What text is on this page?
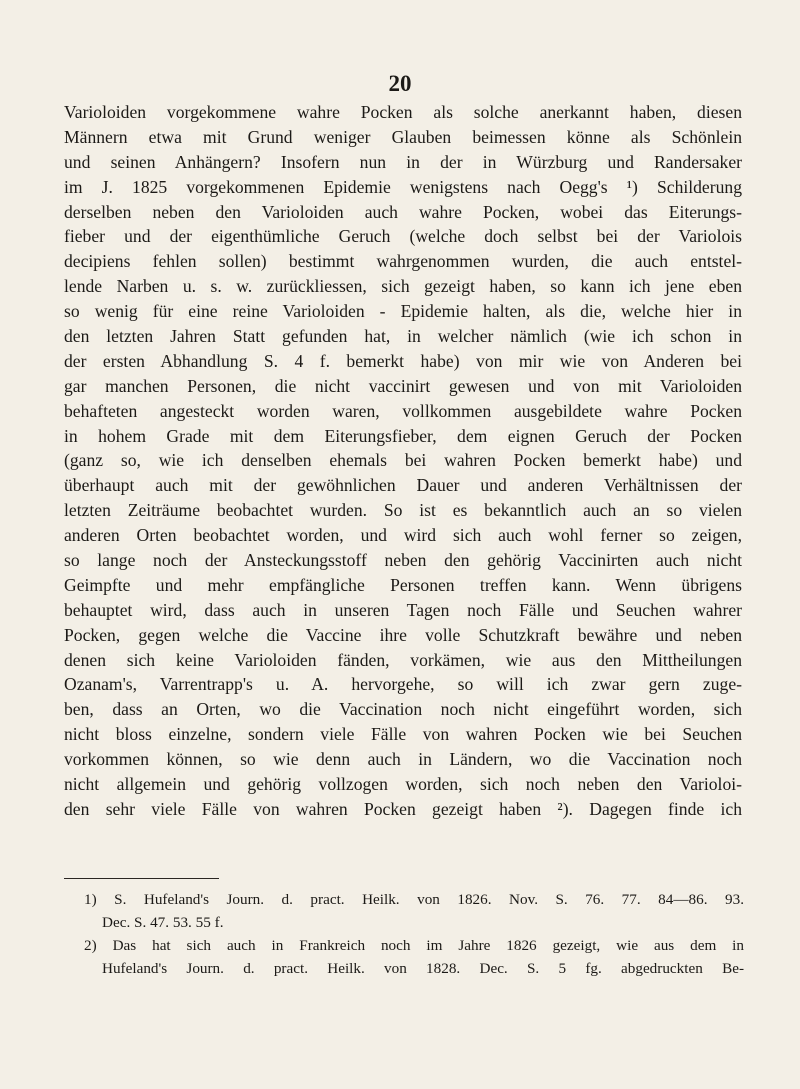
20
Varioloiden vorgekommene wahre Pocken als solche anerkannt haben, diesen
Männern etwa mit Grund weniger Glauben beimessen könne als Schönlein
und seinen Anhängern? Insofern nun in der in Würzburg und Randersaker
im J. 1825 vorgekommenen Epidemie wenigstens nach Oegg's ¹) Schilderung
derselben neben den Varioloiden auch wahre Pocken, wobei das Eiterungs-
fieber und der eigenthümliche Geruch (welche doch selbst bei der Variolois
decipiens fehlen sollen) bestimmt wahrgenommen wurden, die auch entstel-
lende Narben u. s. w. zurückliessen, sich gezeigt haben, so kann ich jene eben
so wenig für eine reine Varioloiden - Epidemie halten, als die, welche hier in
den letzten Jahren Statt gefunden hat, in welcher nämlich (wie ich schon in
der ersten Abhandlung S. 4 f. bemerkt habe) von mir wie von Anderen bei
gar manchen Personen, die nicht vaccinirt gewesen und von mit Varioloiden
behafteten angesteckt worden waren, vollkommen ausgebildete wahre Pocken
in hohem Grade mit dem Eiterungsfieber, dem eignen Geruch der Pocken
(ganz so, wie ich denselben ehemals bei wahren Pocken bemerkt habe) und
überhaupt auch mit der gewöhnlichen Dauer und anderen Verhältnissen der
letzten Zeiträume beobachtet wurden. So ist es bekanntlich auch an so vielen
anderen Orten beobachtet worden, und wird sich auch wohl ferner so zeigen,
so lange noch der Ansteckungsstoff neben den gehörig Vaccinirten auch nicht
Geimpfte und mehr empfängliche Personen treffen kann. Wenn übrigens
behauptet wird, dass auch in unseren Tagen noch Fälle und Seuchen wahrer
Pocken, gegen welche die Vaccine ihre volle Schutzkraft bewähre und neben
denen sich keine Varioloiden fänden, vorkämen, wie aus den Mittheilungen
Ozanam's, Varrentrapp's u. A. hervorgehe, so will ich zwar gern zuge-
ben, dass an Orten, wo die Vaccination noch nicht eingeführt worden, sich
nicht bloss einzelne, sondern viele Fälle von wahren Pocken wie bei Seuchen
vorkommen können, so wie denn auch in Ländern, wo die Vaccination noch
nicht allgemein und gehörig vollzogen worden, sich noch neben den Varioloi-
den sehr viele Fälle von wahren Pocken gezeigt haben ²). Dagegen finde ich
1) S. Hufeland's Journ. d. pract. Heilk. von 1826. Nov. S. 76. 77. 84—86. 93.
Dec. S. 47. 53. 55 f.
2) Das hat sich auch in Frankreich noch im Jahre 1826 gezeigt, wie aus dem in
Hufeland's Journ. d. pract. Heilk. von 1828. Dec. S. 5 fg. abgedruckten Be-
